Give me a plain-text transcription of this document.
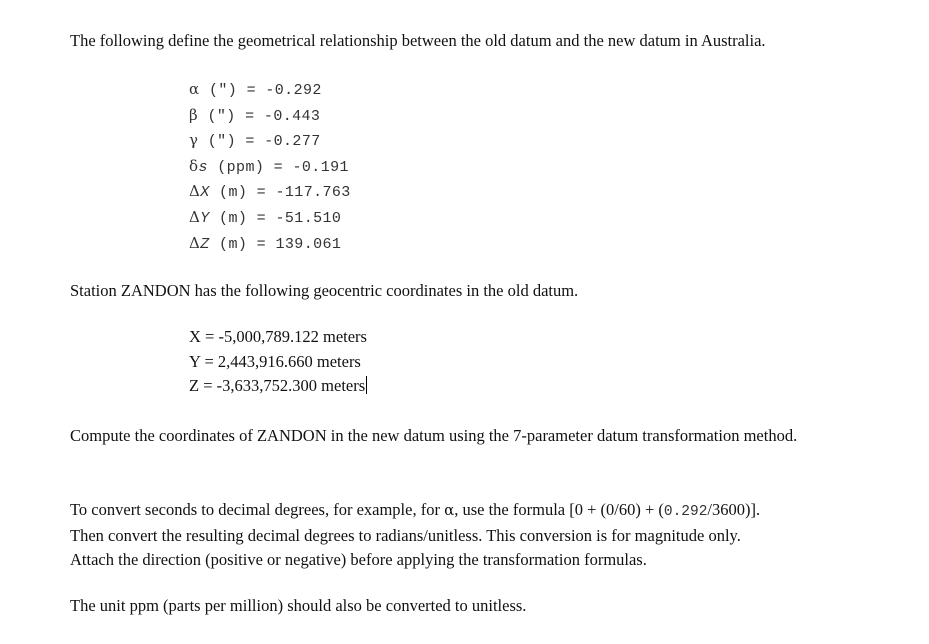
The following define the geometrical relationship between the old datum and the new datum in Australia.
α (") = -0.292
β (") = -0.443
γ (") = -0.277
δs (ppm) = -0.191
ΔX (m) = -117.763
ΔY (m) = -51.510
ΔZ (m) = 139.061
Station ZANDON has the following geocentric coordinates in the old datum.
X = -5,000,789.122 meters
Y = 2,443,916.660 meters
Z = -3,633,752.300 meters
Compute the coordinates of ZANDON in the new datum using the 7-parameter datum transformation method.
To convert seconds to decimal degrees, for example, for α, use the formula [0 + (0/60) + (0.292/3600)].
Then convert the resulting decimal degrees to radians/unitless. This conversion is for magnitude only.
Attach the direction (positive or negative) before applying the transformation formulas.
The unit ppm (parts per million) should also be converted to unitless.
